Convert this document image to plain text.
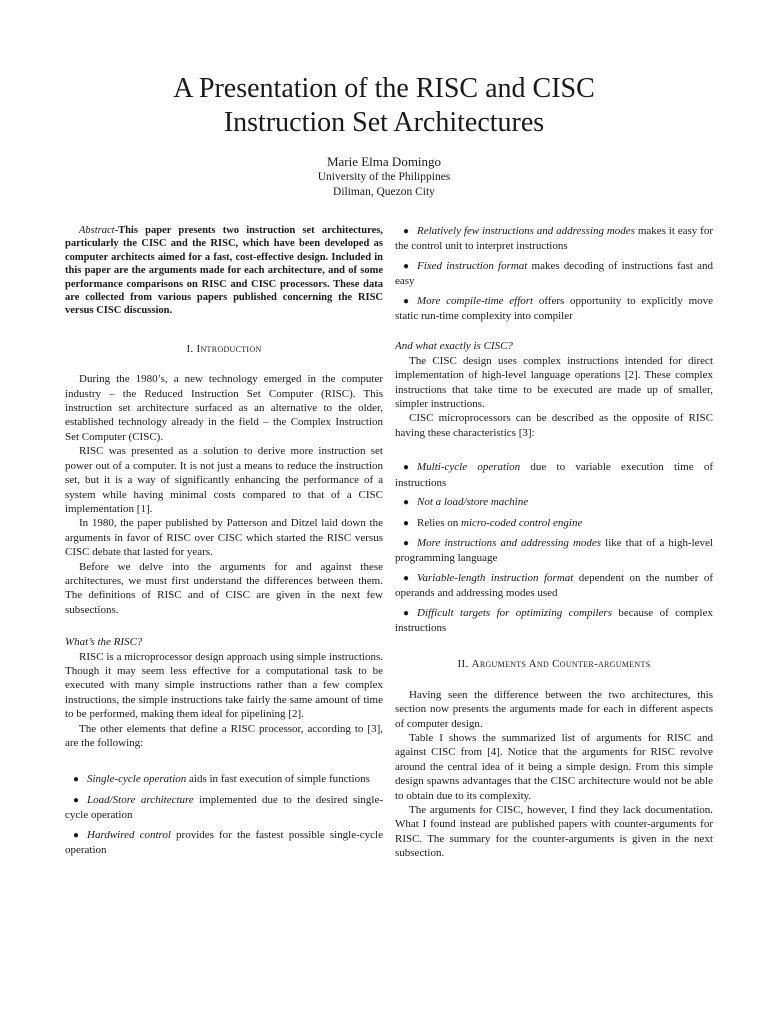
A Presentation of the RISC and CISC
Instruction Set Architectures
Marie Elma Domingo
University of the Philippines
Diliman, Quezon City

Abstract-This paper presents two instruction set architectures, particularly the CISC and the RISC, which have been developed as computer architects aimed for a fast, cost-effective design. Included in this paper are the arguments made for each architecture, and of some performance comparisons on RISC and CISC processors. These data are collected from various papers published concerning the RISC versus CISC discussion.

I. Introduction

During the 1980’s, a new technology emerged in the computer industry – the Reduced Instruction Set Computer (RISC). This instruction set architecture surfaced as an alternative to the older, established technology already in the field – the Complex Instruction Set Computer (CISC).

RISC was presented as a solution to derive more instruction set power out of a computer. It is not just a means to reduce the instruction set, but it is a way of significantly enhancing the performance of a system while having minimal costs compared to that of a CISC implementation [1].

In 1980, the paper published by Patterson and Ditzel laid down the arguments in favor of RISC over CISC which started the RISC versus CISC debate that lasted for years.

Before we delve into the arguments for and against these architectures, we must first understand the differences between them. The definitions of RISC and of CISC are given in the next few subsections.

What’s the RISC?

RISC is a microprocessor design approach using simple instructions. Though it may seem less effective for a computational task to be executed with many simple instructions rather than a few complex instructions, the simple instructions take fairly the same amount of time to be performed, making them ideal for pipelining [2].

The other elements that define a RISC processor, according to [3], are the following:

● Single-cycle operation aids in fast execution of simple functions
● Load/Store architecture implemented due to the desired single-cycle operation
● Hardwired control provides for the fastest possible single-cycle operation
● Relatively few instructions and addressing modes makes it easy for the control unit to interpret instructions
● Fixed instruction format makes decoding of instructions fast and easy
● More compile-time effort offers opportunity to explicitly move static run-time complexity into compiler

And what exactly is CISC?

The CISC design uses complex instructions intended for direct implementation of high-level language operations [2]. These complex instructions that take time to be executed are made up of smaller, simpler instructions.

CISC microprocessors can be described as the opposite of RISC having these characteristics [3]:

● Multi-cycle operation due to variable execution time of instructions
● Not a load/store machine
● Relies on micro-coded control engine
● More instructions and addressing modes like that of a high-level programming language
● Variable-length instruction format dependent on the number of operands and addressing modes used
● Difficult targets for optimizing compilers because of complex instructions
II. Arguments And Counter-arguments

Having seen the difference between the two architectures, this section now presents the arguments made for each in different aspects of computer design.

Table I shows the summarized list of arguments for RISC and against CISC from [4]. Notice that the arguments for RISC revolve around the central idea of it being a simple design. From this simple design spawns advantages that the CISC architecture would not be able to obtain due to its complexity.

The arguments for CISC, however, I find they lack documentation. What I found instead are published papers with counter-arguments for RISC. The summary for the counter-arguments is given in the next subsection.
